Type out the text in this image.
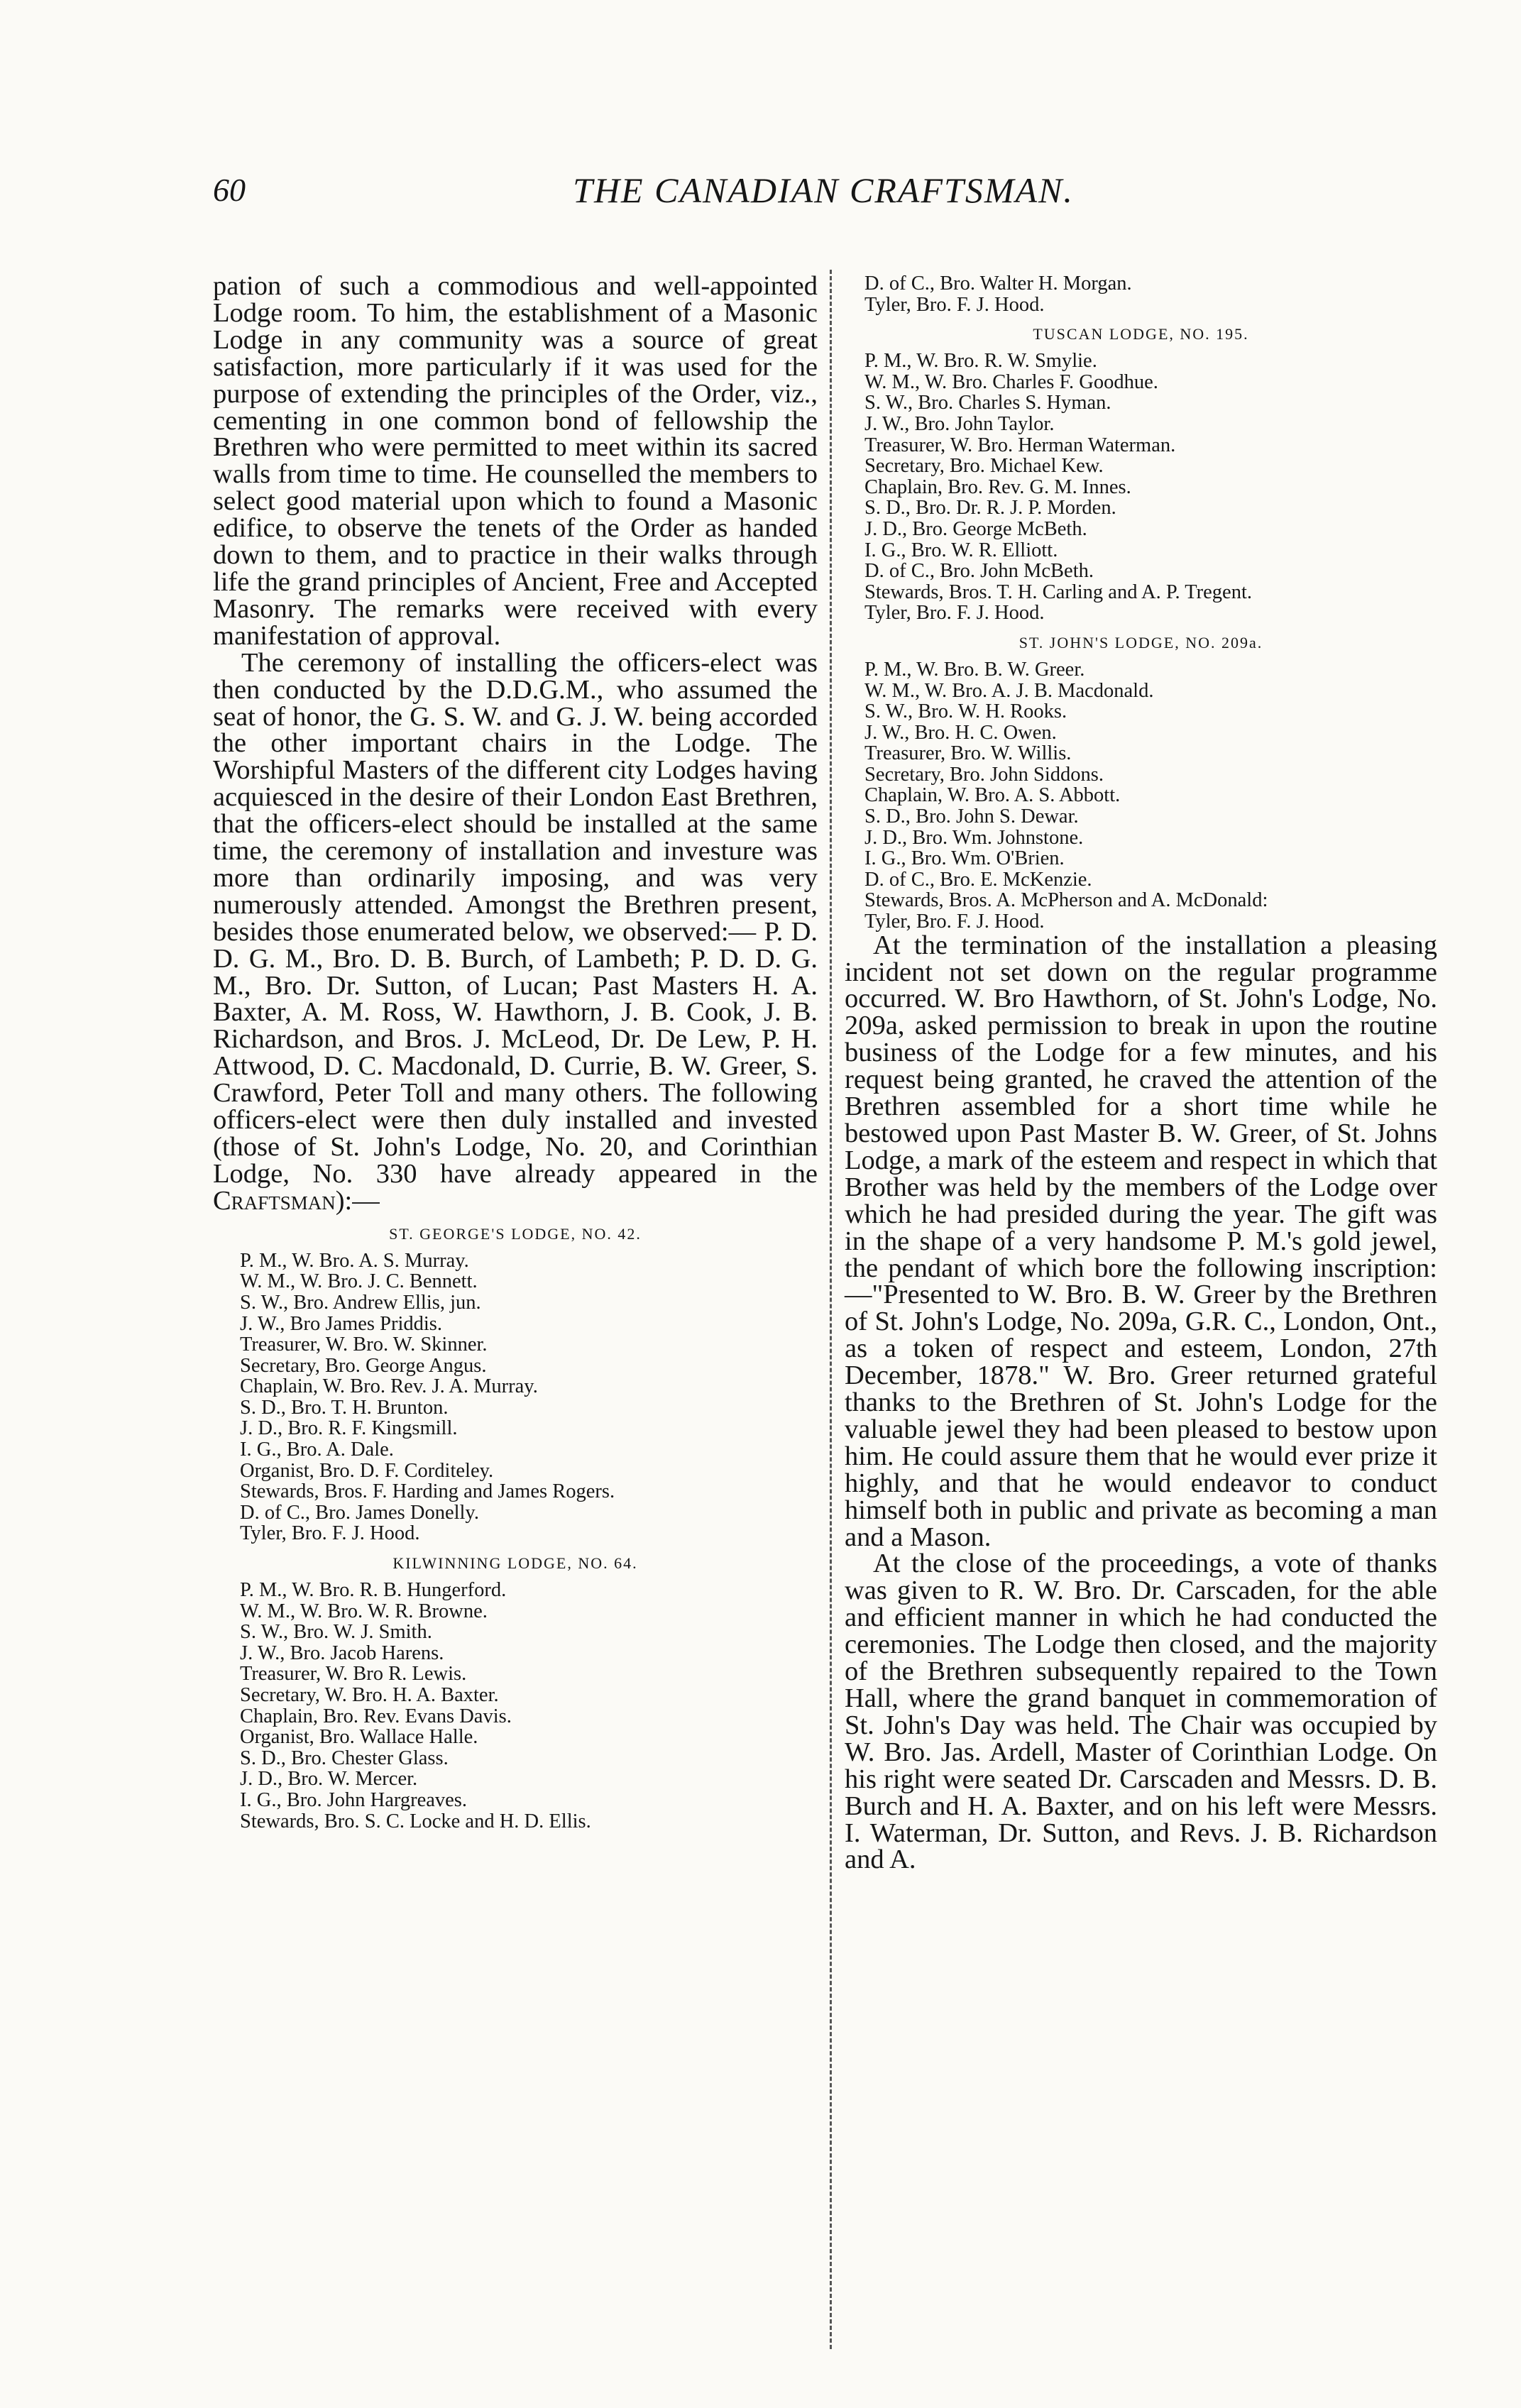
60	THE CANADIAN CRAFTSMAN.

pation of such a commodious and well-appointed Lodge room. To him, the establishment of a Masonic Lodge in any community was a source of great satisfaction, more particularly if it was used for the purpose of extending the principles of the Order, viz., cementing in one common bond of fellowship the Brethren who were permitted to meet within its sacred walls from time to time. He counselled the members to select good material upon which to found a Masonic edifice, to observe the tenets of the Order as handed down to them, and to practice in their walks through life the grand principles of Ancient, Free and Accepted Masonry. The remarks were received with every manifestation of approval.

The ceremony of installing the officers-elect was then conducted by the D.D.G.M., who assumed the seat of honor, the G. S. W. and G. J. W. being accorded the other important chairs in the Lodge. The Worshipful Masters of the different city Lodges having acquiesced in the desire of their London East Brethren, that the officers-elect should be installed at the same time, the ceremony of installation and investure was more than ordinarily imposing, and was very numerously attended. Amongst the Brethren present, besides those enumerated below, we observed:— P. D. D. G. M., Bro. D. B. Burch, of Lambeth; P. D. D. G. M., Bro. Dr. Sutton, of Lucan; Past Masters H. A. Baxter, A. M. Ross, W. Hawthorn, J. B. Cook, J. B. Richardson, and Bros. J. McLeod, Dr. De Lew, P. H. Attwood, D. C. Macdonald, D. Currie, B. W. Greer, S. Crawford, Peter Toll and many others. The following officers-elect were then duly installed and invested (those of St. John's Lodge, No. 20, and Corinthian Lodge, No. 330 have already appeared in the Craftsman):—

ST. GEORGE'S LODGE, NO. 42.
P. M., W. Bro. A. S. Murray.
W. M., W. Bro. J. C. Bennett.
S. W., Bro. Andrew Ellis, jun.
J. W., Bro James Priddis.
Treasurer, W. Bro. W. Skinner.
Secretary, Bro. George Angus.
Chaplain, W. Bro. Rev. J. A. Murray.
S. D., Bro. T. H. Brunton.
J. D., Bro. R. F. Kingsmill.
I. G., Bro. A. Dale.
Organist, Bro. D. F. Corditeley.
Stewards, Bros. F. Harding and James Rogers.
D. of C., Bro. James Donelly.
Tyler, Bro. F. J. Hood.
KILWINNING LODGE, NO. 64.
P. M., W. Bro. R. B. Hungerford.
W. M., W. Bro. W. R. Browne.
S. W., Bro. W. J. Smith.
J. W., Bro. Jacob Harens.
Treasurer, W. Bro R. Lewis.
Secretary, W. Bro. H. A. Baxter.
Chaplain, Bro. Rev. Evans Davis.
Organist, Bro. Wallace Halle.
S. D., Bro. Chester Glass.
J. D., Bro. W. Mercer.
I. G., Bro. John Hargreaves.
Stewards, Bro. S. C. Locke and H. D. Ellis.
D. of C., Bro. Walter H. Morgan.
Tyler, Bro. F. J. Hood.
TUSCAN LODGE, NO. 195.
P. M., W. Bro. R. W. Smylie.
W. M., W. Bro. Charles F. Goodhue.
S. W., Bro. Charles S. Hyman.
J. W., Bro. John Taylor.
Treasurer, W. Bro. Herman Waterman.
Secretary, Bro. Michael Kew.
Chaplain, Bro. Rev. G. M. Innes.
S. D., Bro. Dr. R. J. P. Morden.
J. D., Bro. George McBeth.
I. G., Bro. W. R. Elliott.
D. of C., Bro. John McBeth.
Stewards, Bros. T. H. Carling and A. P. Tregent.
Tyler, Bro. F. J. Hood.
ST. JOHN'S LODGE, NO. 209a.
P. M., W. Bro. B. W. Greer.
W. M., W. Bro. A. J. B. Macdonald.
S. W., Bro. W. H. Rooks.
J. W., Bro. H. C. Owen.
Treasurer, Bro. W. Willis.
Secretary, Bro. John Siddons.
Chaplain, W. Bro. A. S. Abbott.
S. D., Bro. John S. Dewar.
J. D., Bro. Wm. Johnstone.
I. G., Bro. Wm. O'Brien.
D. of C., Bro. E. McKenzie.
Stewards, Bros. A. McPherson and A. McDonald:
Tyler, Bro. F. J. Hood.

At the termination of the installation a pleasing incident not set down on the regular programme occurred. W. Bro Hawthorn, of St. John's Lodge, No. 209a, asked permission to break in upon the routine business of the Lodge for a few minutes, and his request being granted, he craved the attention of the Brethren assembled for a short time while he bestowed upon Past Master B. W. Greer, of St. Johns Lodge, a mark of the esteem and respect in which that Brother was held by the members of the Lodge over which he had presided during the year. The gift was in the shape of a very handsome P. M.'s gold jewel, the pendant of which bore the following inscription:—"Presented to W. Bro. B. W. Greer by the Brethren of St. John's Lodge, No. 209a, G.R. C., London, Ont., as a token of respect and esteem, London, 27th December, 1878." W. Bro. Greer returned grateful thanks to the Brethren of St. John's Lodge for the valuable jewel they had been pleased to bestow upon him. He could assure them that he would ever prize it highly, and that he would endeavor to conduct himself both in public and private as becoming a man and a Mason.

At the close of the proceedings, a vote of thanks was given to R. W. Bro. Dr. Carscaden, for the able and efficient manner in which he had conducted the ceremonies. The Lodge then closed, and the majority of the Brethren subsequently repaired to the Town Hall, where the grand banquet in commemoration of St. John's Day was held. The Chair was occupied by W. Bro. Jas. Ardell, Master of Corinthian Lodge. On his right were seated Dr. Carscaden and Messrs. D. B. Burch and H. A. Baxter, and on his left were Messrs. I. Waterman, Dr. Sutton, and Revs. J. B. Richardson and A.
